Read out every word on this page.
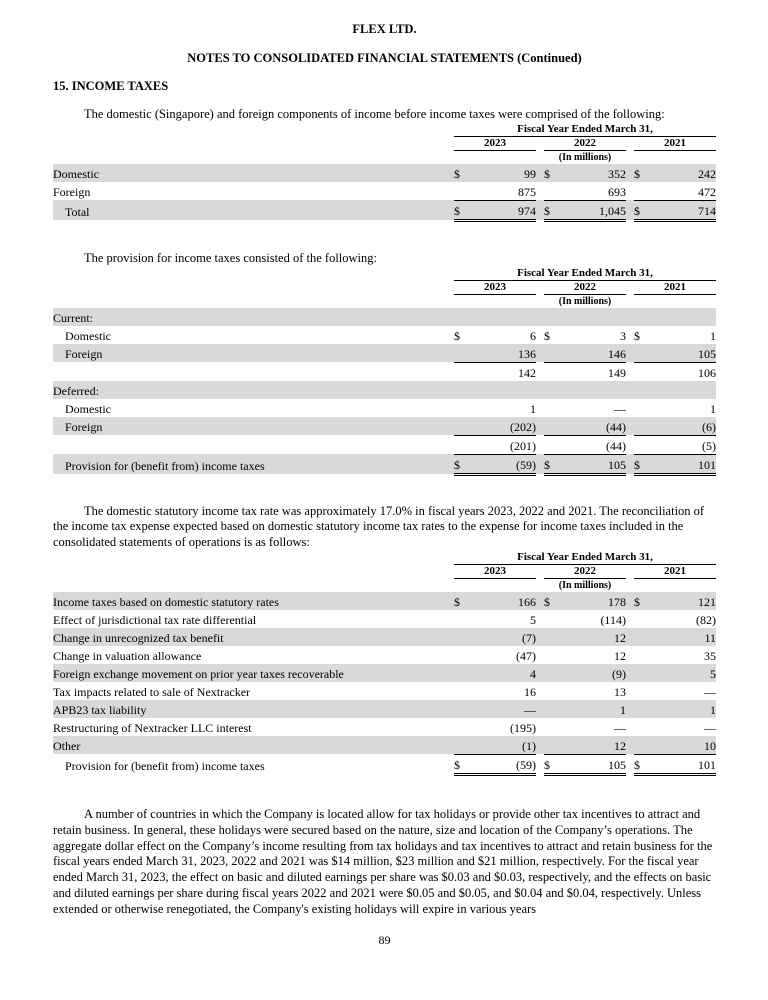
FLEX LTD.
NOTES TO CONSOLIDATED FINANCIAL STATEMENTS (Continued)
15. INCOME TAXES

The domestic (Singapore) and foreign components of income before income taxes were comprised of the following:

	Fiscal Year Ended March 31,							
	2023			2022			2021	
	(In millions)							
Domestic	$	99		$	352		$	242
Foreign		875			693			472
Total	$	974		$	1,045		$	714

The provision for income taxes consisted of the following:

	Fiscal Year Ended March 31,							
	2023			2022			2021	
	(In millions)							
Current:								
Domestic	$	6		$	3		$	1
Foreign		136			146			105
		142			149			106
Deferred:								
Domestic		1			—			1
Foreign		(202)			(44)			(6)
		(201)			(44)			(5)
Provision for (benefit from) income taxes	$	(59)		$	105		$	101

The domestic statutory income tax rate was approximately 17.0% in fiscal years 2023, 2022 and 2021. The reconciliation of the income tax expense expected based on domestic statutory income tax rates to the expense for income taxes included in the consolidated statements of operations is as follows:

	Fiscal Year Ended March 31,							
	2023			2022			2021	
	(In millions)							
Income taxes based on domestic statutory rates	$	166		$	178		$	121
Effect of jurisdictional tax rate differential		5			(114)			(82)
Change in unrecognized tax benefit		(7)			12			11
Change in valuation allowance		(47)			12			35
Foreign exchange movement on prior year taxes recoverable		4			(9)			5
Tax impacts related to sale of Nextracker		16			13			—
APB23 tax liability		—			1			1
Restructuring of Nextracker LLC interest		(195)			—			—
Other		(1)			12			10
Provision for (benefit from) income taxes	$	(59)		$	105		$	101

A number of countries in which the Company is located allow for tax holidays or provide other tax incentives to attract and retain business. In general, these holidays were secured based on the nature, size and location of the Company’s operations. The aggregate dollar effect on the Company’s income resulting from tax holidays and tax incentives to attract and retain business for the fiscal years ended March 31, 2023, 2022 and 2021 was $14 million, $23 million and $21 million, respectively. For the fiscal year ended March 31, 2023, the effect on basic and diluted earnings per share was $0.03 and $0.03, respectively, and the effects on basic and diluted earnings per share during fiscal years 2022 and 2021 were $0.05 and $0.05, and $0.04 and $0.04, respectively. Unless extended or otherwise renegotiated, the Company's existing holidays will expire in various years

89
